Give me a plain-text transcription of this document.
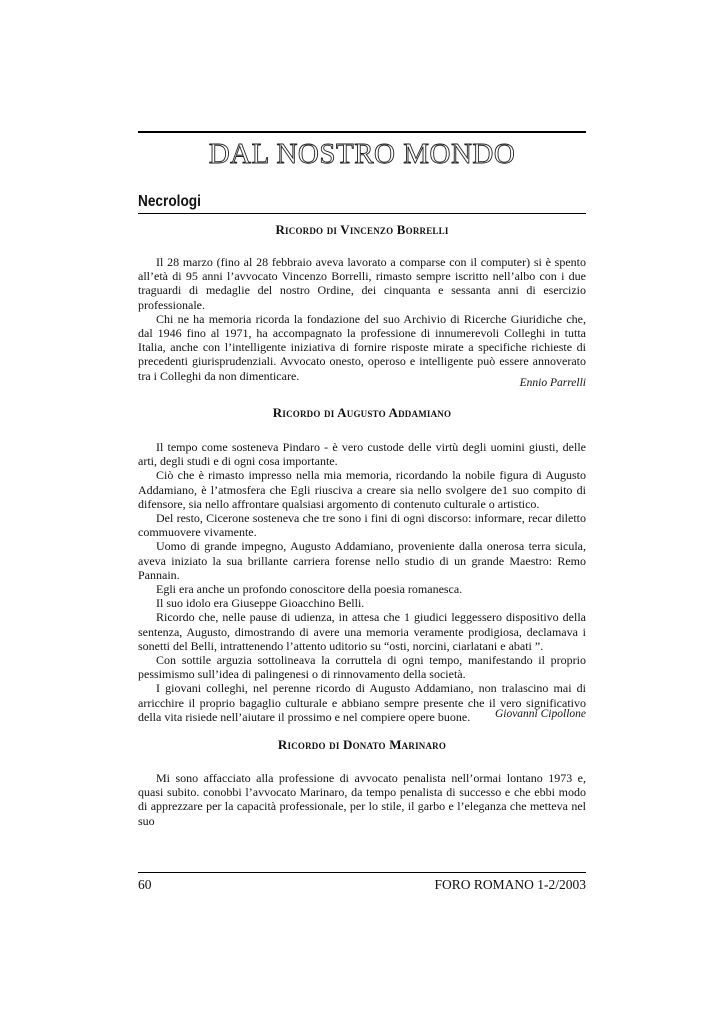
DAL NOSTRO MONDO
Necrologi
Ricordo di Vincenzo Borrelli

Il 28 marzo (fino al 28 febbraio aveva lavorato a comparse con il computer) si è spento all’età di 95 anni l’avvocato Vincenzo Borrelli, rimasto sempre iscritto nell’albo con i due traguardi di medaglie del nostro Ordine, dei cinquanta e sessanta anni di esercizio professionale.

Chi ne ha memoria ricorda la fondazione del suo Archivio di Ricerche Giuridiche che, dal 1946 fino al 1971, ha accompagnato la professione di innumerevoli Colleghi in tutta Italia, anche con l’intelligente iniziativa di fornire risposte mirate a specifiche richieste di precedenti giurisprudenziali. Avvocato onesto, operoso e intelligente può essere annoverato tra i Colleghi da non dimenticare.

Ennio Parrelli
Ricordo di Augusto Addamiano

Il tempo come sosteneva Pindaro - è vero custode delle virtù degli uomini giusti, delle arti, degli studi e di ogni cosa importante.

Ciò che è rimasto impresso nella mia memoria, ricordando la nobile figura di Augusto Addamiano, è l’atmosfera che Egli riusciva a creare sia nello svolgere de1 suo compito di difensore, sia nello affrontare qualsiasi argomento di contenuto culturale o artistico.

Del resto, Cicerone sosteneva che tre sono i fini di ogni discorso: informare, recar diletto commuovere vivamente.

Uomo di grande impegno, Augusto Addamiano, proveniente dalla onerosa terra sicula, aveva iniziato la sua brillante carriera forense nello studio di un grande Maestro: Remo Pannain.

Egli era anche un profondo conoscitore della poesia romanesca.

Il suo idolo era Giuseppe Gioacchino Belli.

Ricordo che, nelle pause di udienza, in attesa che 1 giudici leggessero dispositivo della sentenza, Augusto, dimostrando di avere una memoria veramente prodigiosa, declamava i sonetti del Belli, intrattenendo l’attento uditorio su “osti, norcini, ciarlatani e abati ”.

Con sottile arguzia sottolineava la corruttela di ogni tempo, manifestando il proprio pessimismo sull’idea di palingenesi o di rinnovamento della società.

I giovani colleghi, nel perenne ricordo di Augusto Addamiano, non tralascino mai di arricchire il proprio bagaglio culturale e abbiano sempre presente che il vero significativo della vita risiede nell’aiutare il prossimo e nel compiere opere buone.	Giovanni Cipollone
Ricordo di Donato Marinaro

Mi sono affacciato alla professione di avvocato penalista nell’ormai lontano 1973 e, quasi subito. conobbi l’avvocato Marinaro, da tempo penalista di successo e che ebbi modo di apprezzare per la capacità professionale, per lo stile, il garbo e l’eleganza che metteva nel suo

60	FORO ROMANO 1-2/2003
